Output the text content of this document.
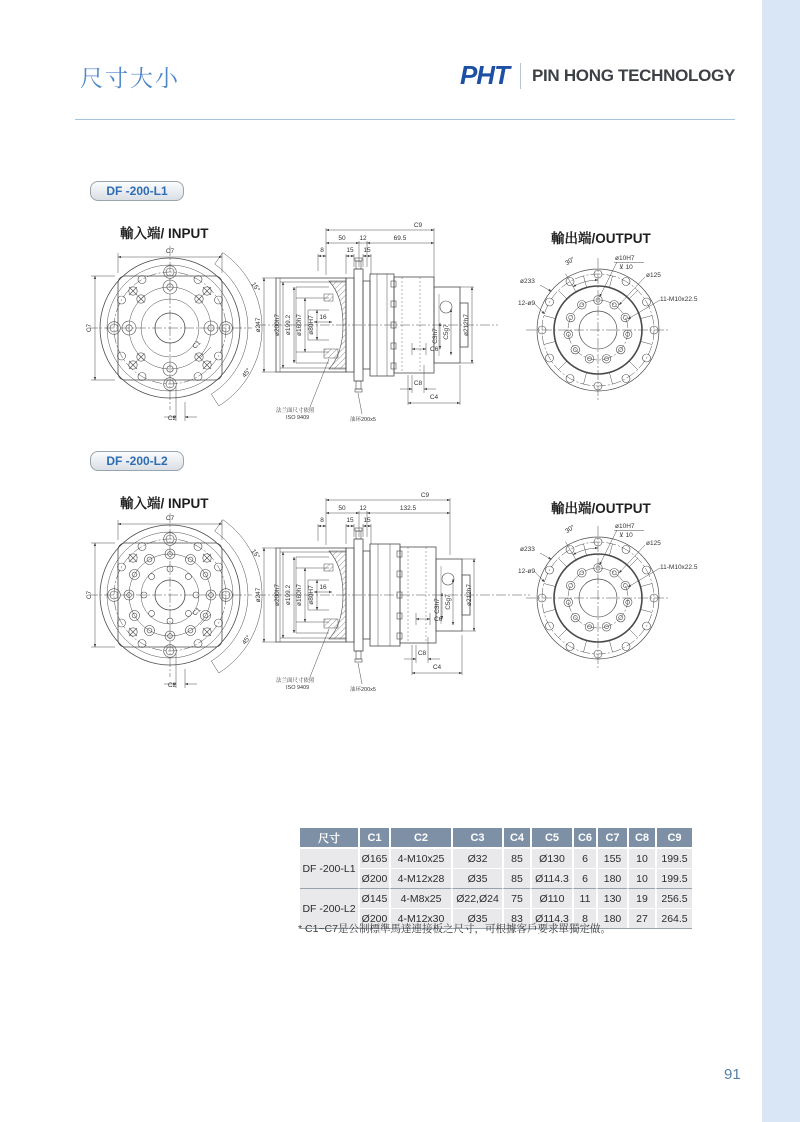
尺寸大小	PHT PIN HONG TECHNOLOGY
DF -200-L1
輸入端/ INPUT	輸出端/OUTPUT
C7
C7
C2
C1
15°
45°
C9
50 12	69.5
8	15 15
ø247 ø200h7 ø199.2 ø160h7 ø80H7 16
C3h7 C5g7 ø212h7
C6
C8
C4
法兰面尺寸依照
ISO 9409	油环200x5
ø233
12-ø9
30°	ø10H7
⊻ 10
ø125
11-M10x22.5
DF -200-L2
輸入端/ INPUT	輸出端/OUTPUT
C7
C7
C2
C1
15°
45°
C9
50 12	132.5
8	15 15
ø247 ø200h7 ø199.2 ø160h7 ø80H7 16
C3h7 C5g7 ø212h7
C6
C8
C4
法兰面尺寸依照
ISO 9409	油环200x5
ø233
12-ø9
30°	ø10H7
⊻ 10
ø125
11-M10x22.5
尺寸	C1	C2	C3	C4	C5	C6	C7	C8	C9
DF -200-L1	Ø165	4-M10x25	Ø32	85	Ø130	6	155	10	199.5
	Ø200	4-M12x28	Ø35	85	Ø114.3	6	180	10	199.5
DF -200-L2	Ø145	4-M8x25	Ø22,Ø24	75	Ø110	11	130	19	256.5
	Ø200	4-M12x30	Ø35	83	Ø114.3	8	180	27	264.5
* C1~C7是公制標準馬達連接板之尺寸，可根據客戶要求單獨定做。
91
